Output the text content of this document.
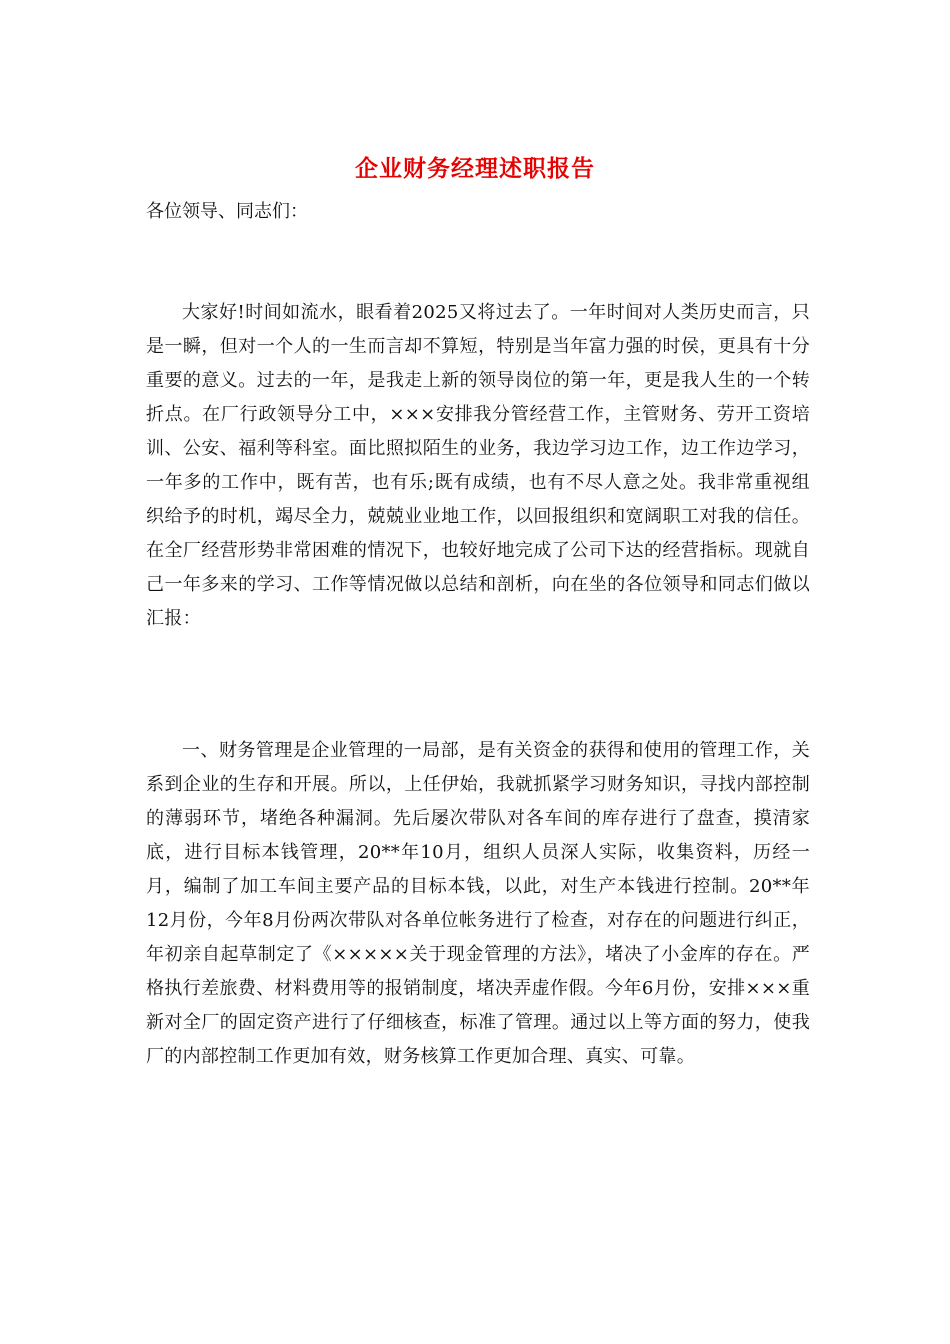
企业财务经理述职报告
各位领导、同志们：

大家好!时间如流水，眼看着2025又将过去了。一年时间对人类历史而言，只是一瞬，但对一个人的一生而言却不算短，特别是当年富力强的时侯，更具有十分重要的意义。过去的一年，是我走上新的领导岗位的第一年，更是我人生的一个转折点。在厂行政领导分工中，×××安排我分管经营工作，主管财务、劳开工资培训、公安、福利等科室。面比照拟陌生的业务，我边学习边工作，边工作边学习，一年多的工作中，既有苦，也有乐;既有成绩，也有不尽人意之处。我非常重视组织给予的时机，竭尽全力，兢兢业业地工作，以回报组织和宽阔职工对我的信任。在全厂经营形势非常困难的情况下，也较好地完成了公司下达的经营指标。现就自己一年多来的学习、工作等情况做以总结和剖析，向在坐的各位领导和同志们做以汇报：

一、财务管理是企业管理的一局部，是有关资金的获得和使用的管理工作，关系到企业的生存和开展。所以，上任伊始，我就抓紧学习财务知识，寻找内部控制的薄弱环节，堵绝各种漏洞。先后屡次带队对各车间的库存进行了盘查，摸清家底，进行目标本钱管理，20**年10月，组织人员深人实际，收集资料，历经一月，编制了加工车间主要产品的目标本钱，以此，对生产本钱进行控制。20**年12月份，今年8月份两次带队对各单位帐务进行了检查，对存在的问题进行纠正，年初亲自起草制定了《×××××关于现金管理的方法》，堵决了小金库的存在。严格执行差旅费、材料费用等的报销制度，堵决弄虚作假。今年6月份，安排×××重新对全厂的固定资产进行了仔细核查，标准了管理。通过以上等方面的努力，使我厂的内部控制工作更加有效，财务核算工作更加合理、真实、可靠。
